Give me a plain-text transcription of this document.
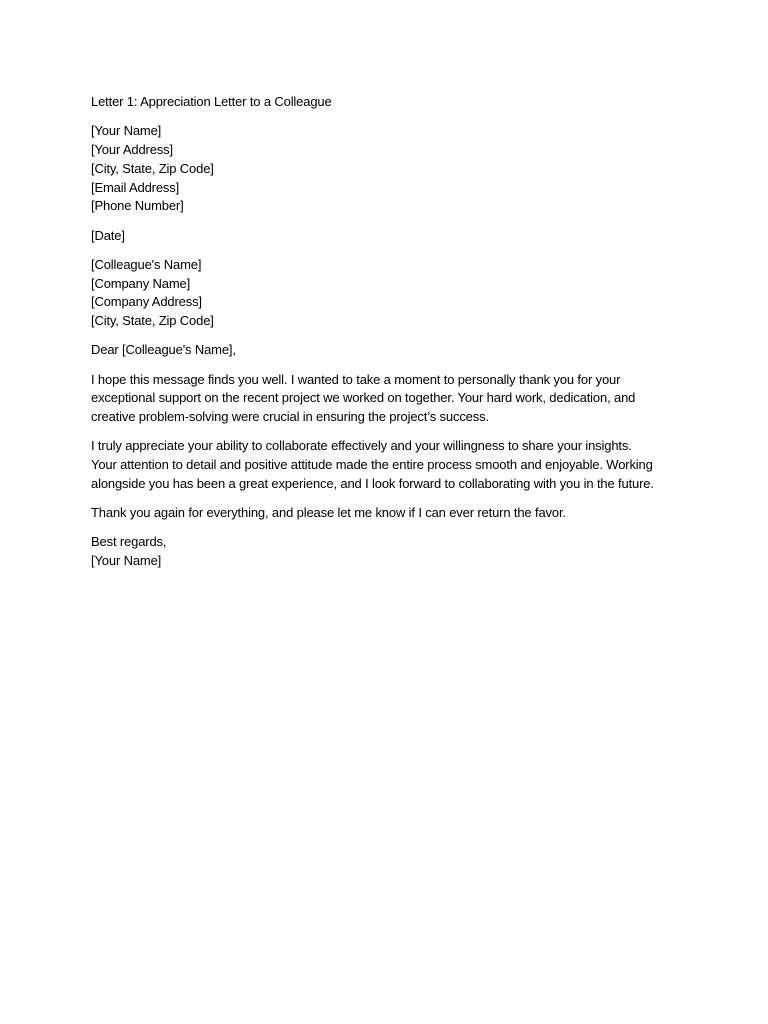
Letter 1: Appreciation Letter to a Colleague
[Your Name]
[Your Address]
[City, State, Zip Code]
[Email Address]
[Phone Number]
[Date]
[Colleague's Name]
[Company Name]
[Company Address]
[City, State, Zip Code]
Dear [Colleague's Name],
I hope this message finds you well. I wanted to take a moment to personally thank you for your
exceptional support on the recent project we worked on together. Your hard work, dedication, and
creative problem-solving were crucial in ensuring the project’s success.
I truly appreciate your ability to collaborate effectively and your willingness to share your insights.
Your attention to detail and positive attitude made the entire process smooth and enjoyable. Working
alongside you has been a great experience, and I look forward to collaborating with you in the future.
Thank you again for everything, and please let me know if I can ever return the favor.
Best regards,
[Your Name]
